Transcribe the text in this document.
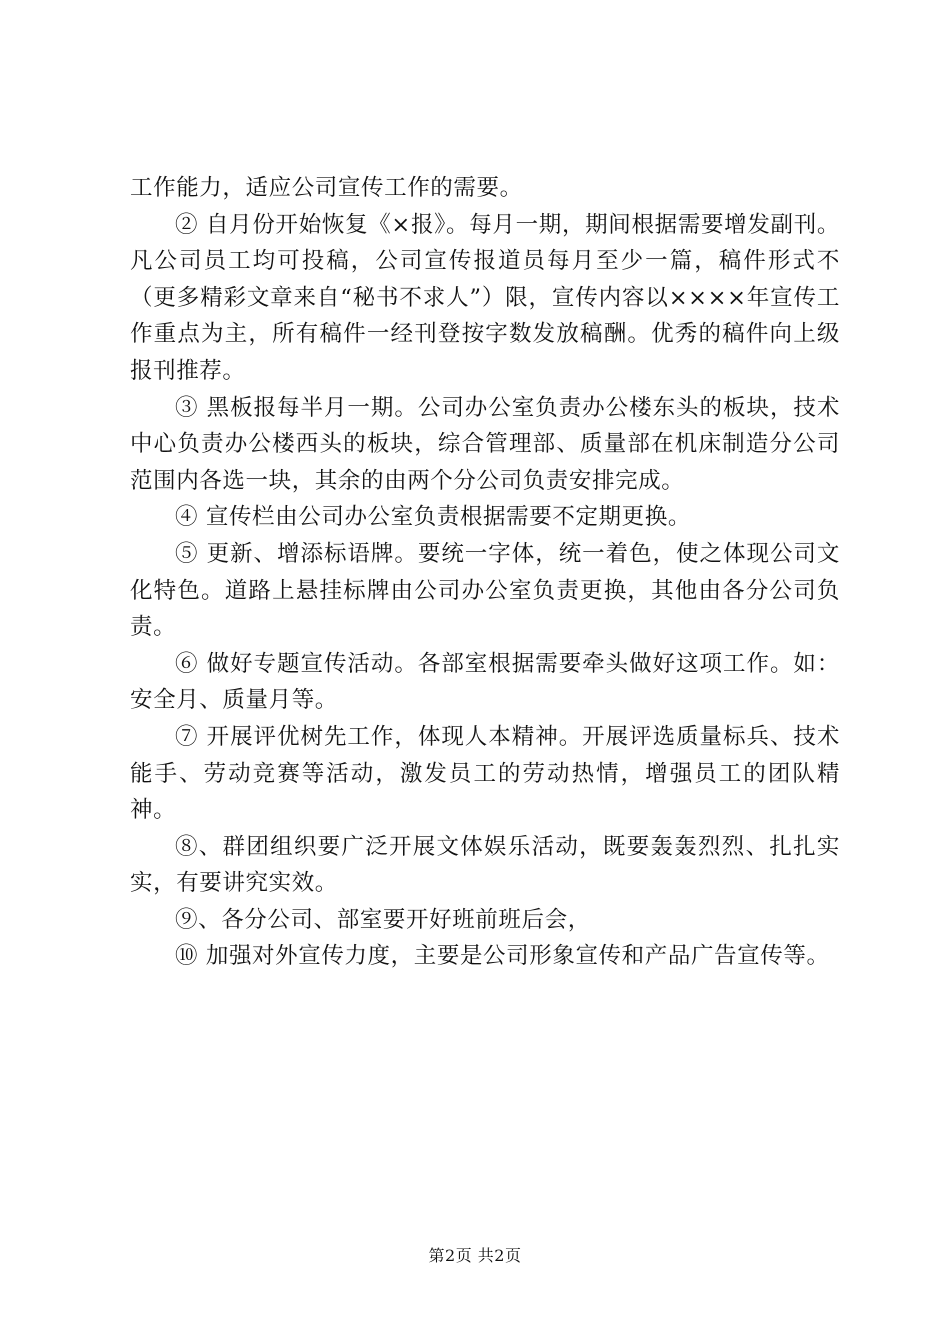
工作能力，适应公司宣传工作的需要。

② 自月份开始恢复《×报》。每月一期，期间根据需要增发副刊。凡公司员工均可投稿，公司宣传报道员每月至少一篇，稿件形式不（更多精彩文章来自“秘书不求人”）限，宣传内容以××××年宣传工作重点为主，所有稿件一经刊登按字数发放稿酬。优秀的稿件向上级报刊推荐。

③ 黑板报每半月一期。公司办公室负责办公楼东头的板块，技术中心负责办公楼西头的板块，综合管理部、质量部在机床制造分公司范围内各选一块，其余的由两个分公司负责安排完成。

④ 宣传栏由公司办公室负责根据需要不定期更换。

⑤ 更新、增添标语牌。要统一字体，统一着色，使之体现公司文化特色。道路上悬挂标牌由公司办公室负责更换，其他由各分公司负责。

⑥ 做好专题宣传活动。各部室根据需要牵头做好这项工作。如：安全月、质量月等。

⑦ 开展评优树先工作，体现人本精神。开展评选质量标兵、技术能手、劳动竞赛等活动，激发员工的劳动热情，增强员工的团队精神。

⑧、群团组织要广泛开展文体娱乐活动，既要轰轰烈烈、扎扎实实，有要讲究实效。

⑨、各分公司、部室要开好班前班后会，

⑩ 加强对外宣传力度，主要是公司形象宣传和产品广告宣传等。

第2页 共2页
